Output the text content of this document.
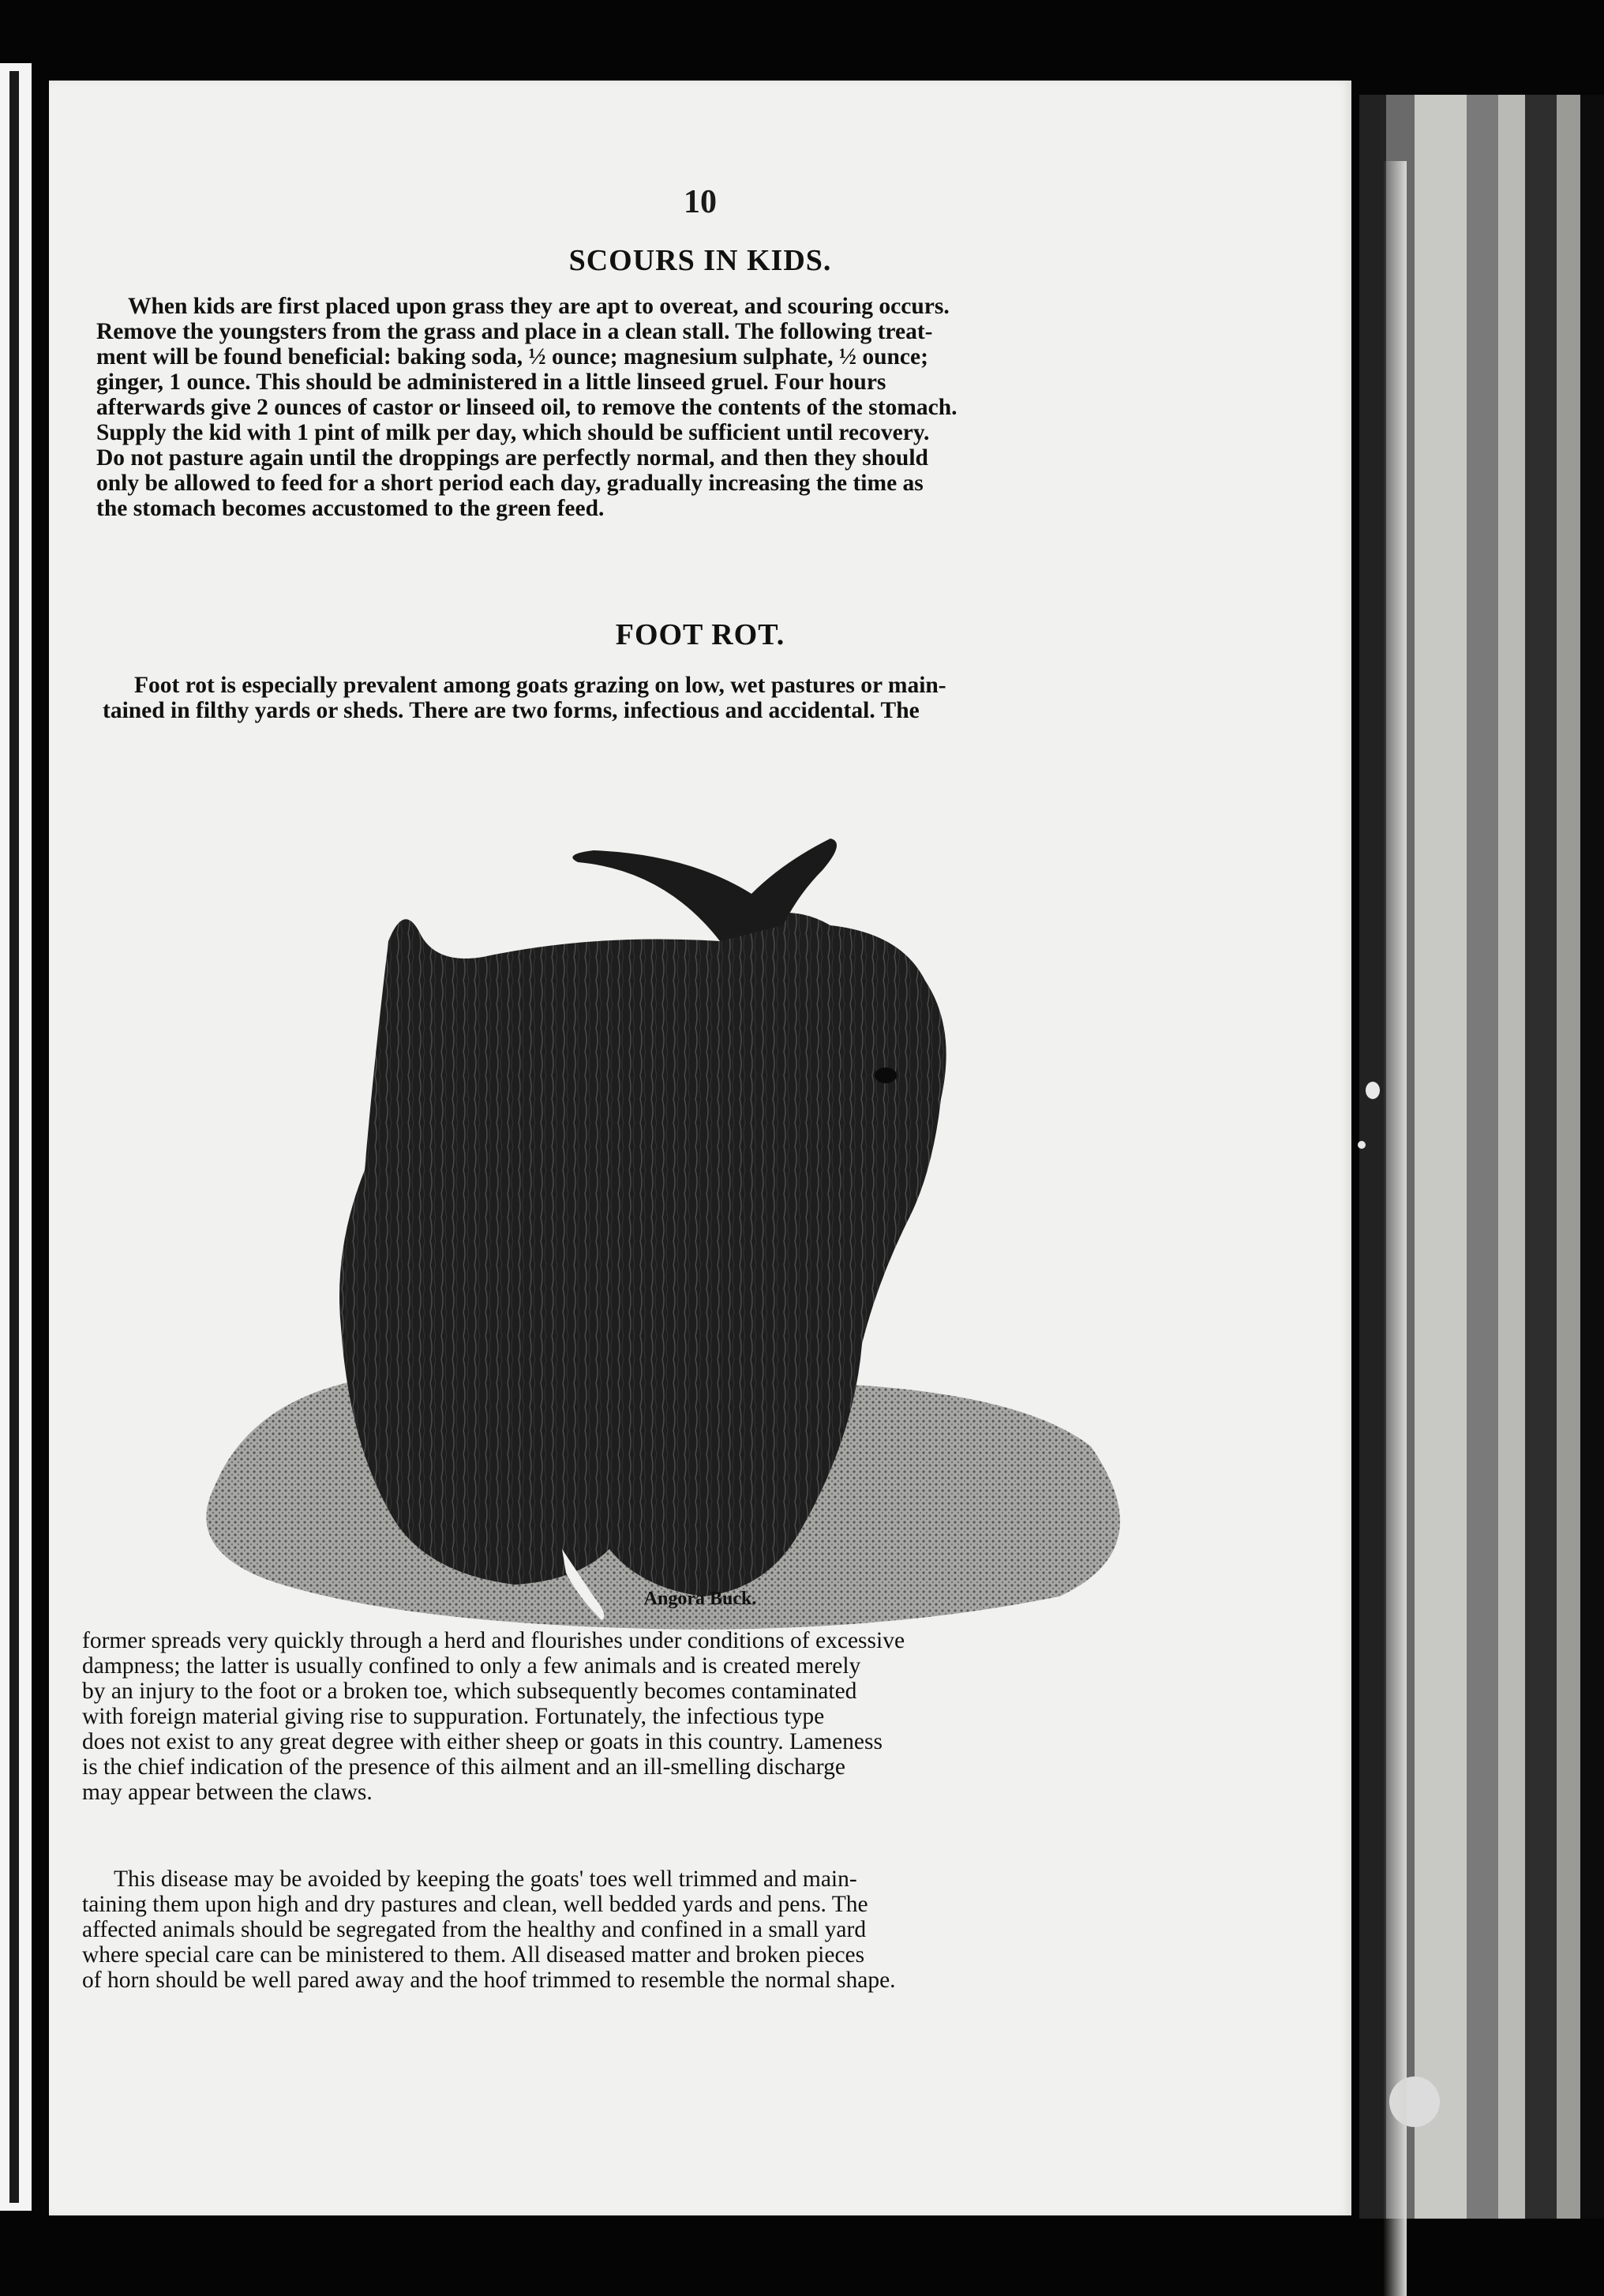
10
SCOURS IN KIDS.
When kids are first placed upon grass they are apt to overeat, and scouring occurs.
Remove the youngsters from the grass and place in a clean stall. The following treat-
ment will be found beneficial: baking soda, ½ ounce; magnesium sulphate, ½ ounce;
ginger, 1 ounce. This should be administered in a little linseed gruel. Four hours
afterwards give 2 ounces of castor or linseed oil, to remove the contents of the stomach.
Supply the kid with 1 pint of milk per day, which should be sufficient until recovery.
Do not pasture again until the droppings are perfectly normal, and then they should
only be allowed to feed for a short period each day, gradually increasing the time as
the stomach becomes accustomed to the green feed.
FOOT ROT.
Foot rot is especially prevalent among goats grazing on low, wet pastures or main-
tained in filthy yards or sheds. There are two forms, infectious and accidental. The
Angora Buck.
former spreads very quickly through a herd and flourishes under conditions of excessive
dampness; the latter is usually confined to only a few animals and is created merely
by an injury to the foot or a broken toe, which subsequently becomes contaminated
with foreign material giving rise to suppuration. Fortunately, the infectious type
does not exist to any great degree with either sheep or goats in this country. Lameness
is the chief indication of the presence of this ailment and an ill-smelling discharge
may appear between the claws.
This disease may be avoided by keeping the goats' toes well trimmed and main-
taining them upon high and dry pastures and clean, well bedded yards and pens. The
affected animals should be segregated from the healthy and confined in a small yard
where special care can be ministered to them. All diseased matter and broken pieces
of horn should be well pared away and the hoof trimmed to resemble the normal shape.
